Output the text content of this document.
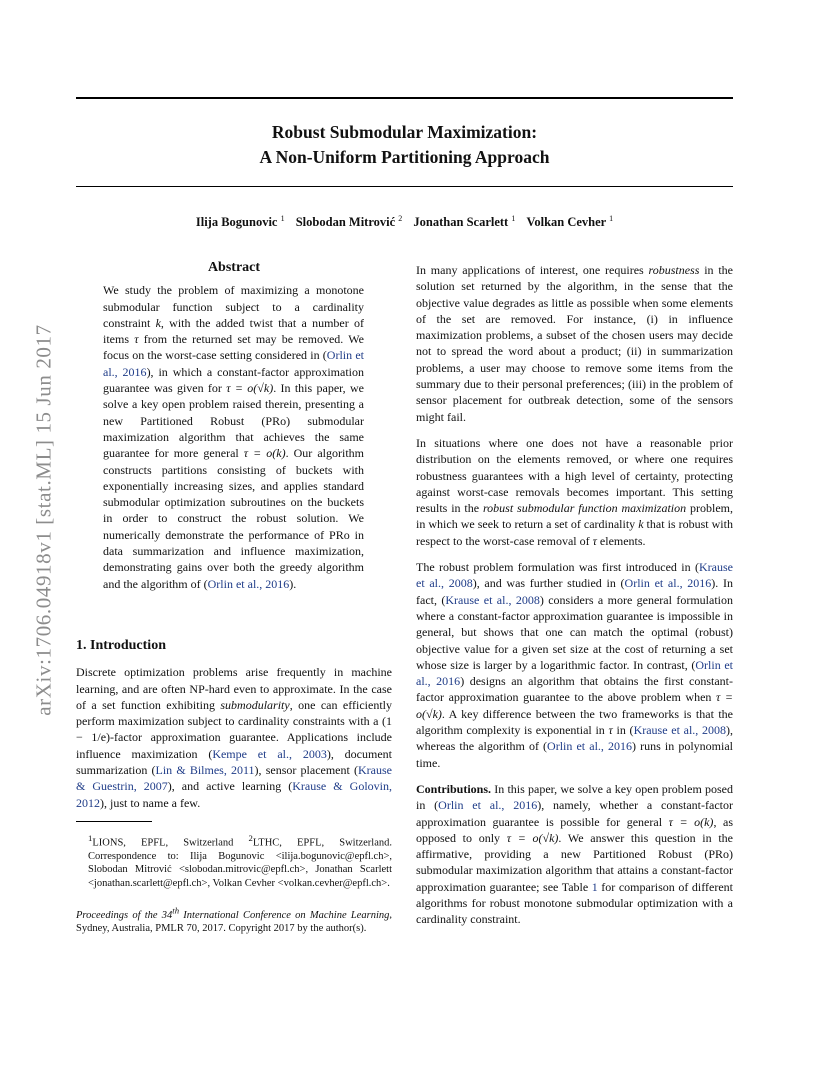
Robust Submodular Maximization:
A Non-Uniform Partitioning Approach
Ilija Bogunovic $^1$ Slobodan Mitrović $^2$ Jonathan Scarlett $^1$ Volkan Cevher $^1$
arXiv:1706.04918v1 [stat.ML] 15 Jun 2017
Abstract
We study the problem of maximizing a monotone submodular function subject to a cardinality constraint k, with the added twist that a number of items τ from the returned set may be removed. We focus on the worst-case setting considered in (Orlin et al., 2016), in which a constant-factor approximation guarantee was given for τ = o(√k). In this paper, we solve a key open problem raised therein, presenting a new Partitioned Robust (PRo) submodular maximization algorithm that achieves the same guarantee for more general τ = o(k). Our algorithm constructs partitions consisting of buckets with exponentially increasing sizes, and applies standard submodular optimization subroutines on the buckets in order to construct the robust solution. We numerically demonstrate the performance of PRo in data summarization and influence maximization, demonstrating gains over both the greedy algorithm and the algorithm of (Orlin et al., 2016).
1. Introduction

Discrete optimization problems arise frequently in machine learning, and are often NP-hard even to approximate. In the case of a set function exhibiting submodularity, one can efficiently perform maximization subject to cardinality constraints with a (1 − 1/e)-factor approximation guarantee. Applications include influence maximization (Kempe et al., 2003), document summarization (Lin & Bilmes, 2011), sensor placement (Krause & Guestrin, 2007), and active learning (Krause & Golovin, 2012), just to name a few.

$^1$LIONS, EPFL, Switzerland $^2$LTHC, EPFL, Switzerland. Correspondence to: Ilija Bogunovic <ilija.bogunovic@epfl.ch>, Slobodan Mitrović <slobodan.mitrovic@epfl.ch>, Jonathan Scarlett <jonathan.scarlett@epfl.ch>, Volkan Cevher <volkan.cevher@epfl.ch>.
Proceedings of the 34th International Conference on Machine Learning, Sydney, Australia, PMLR 70, 2017. Copyright 2017 by the author(s).

In many applications of interest, one requires robustness in the solution set returned by the algorithm, in the sense that the objective value degrades as little as possible when some elements of the set are removed. For instance, (i) in influence maximization problems, a subset of the chosen users may decide not to spread the word about a product; (ii) in summarization problems, a user may choose to remove some items from the summary due to their personal preferences; (iii) in the problem of sensor placement for outbreak detection, some of the sensors might fail.

In situations where one does not have a reasonable prior distribution on the elements removed, or where one requires robustness guarantees with a high level of certainty, protecting against worst-case removals becomes important. This setting results in the robust submodular function maximization problem, in which we seek to return a set of cardinality k that is robust with respect to the worst-case removal of τ elements.

The robust problem formulation was first introduced in (Krause et al., 2008), and was further studied in (Orlin et al., 2016). In fact, (Krause et al., 2008) considers a more general formulation where a constant-factor approximation guarantee is impossible in general, but shows that one can match the optimal (robust) objective value for a given set size at the cost of returning a set whose size is larger by a logarithmic factor. In contrast, (Orlin et al., 2016) designs an algorithm that obtains the first constant-factor approximation guarantee to the above problem when τ = o(√k). A key difference between the two frameworks is that the algorithm complexity is exponential in τ in (Krause et al., 2008), whereas the algorithm of (Orlin et al., 2016) runs in polynomial time.

Contributions. In this paper, we solve a key open problem posed in (Orlin et al., 2016), namely, whether a constant-factor approximation guarantee is possible for general τ = o(k), as opposed to only τ = o(√k). We answer this question in the affirmative, providing a new Partitioned Robust (PRo) submodular maximization algorithm that attains a constant-factor approximation guarantee; see Table 1 for comparison of different algorithms for robust monotone submodular optimization with a cardinality constraint.
